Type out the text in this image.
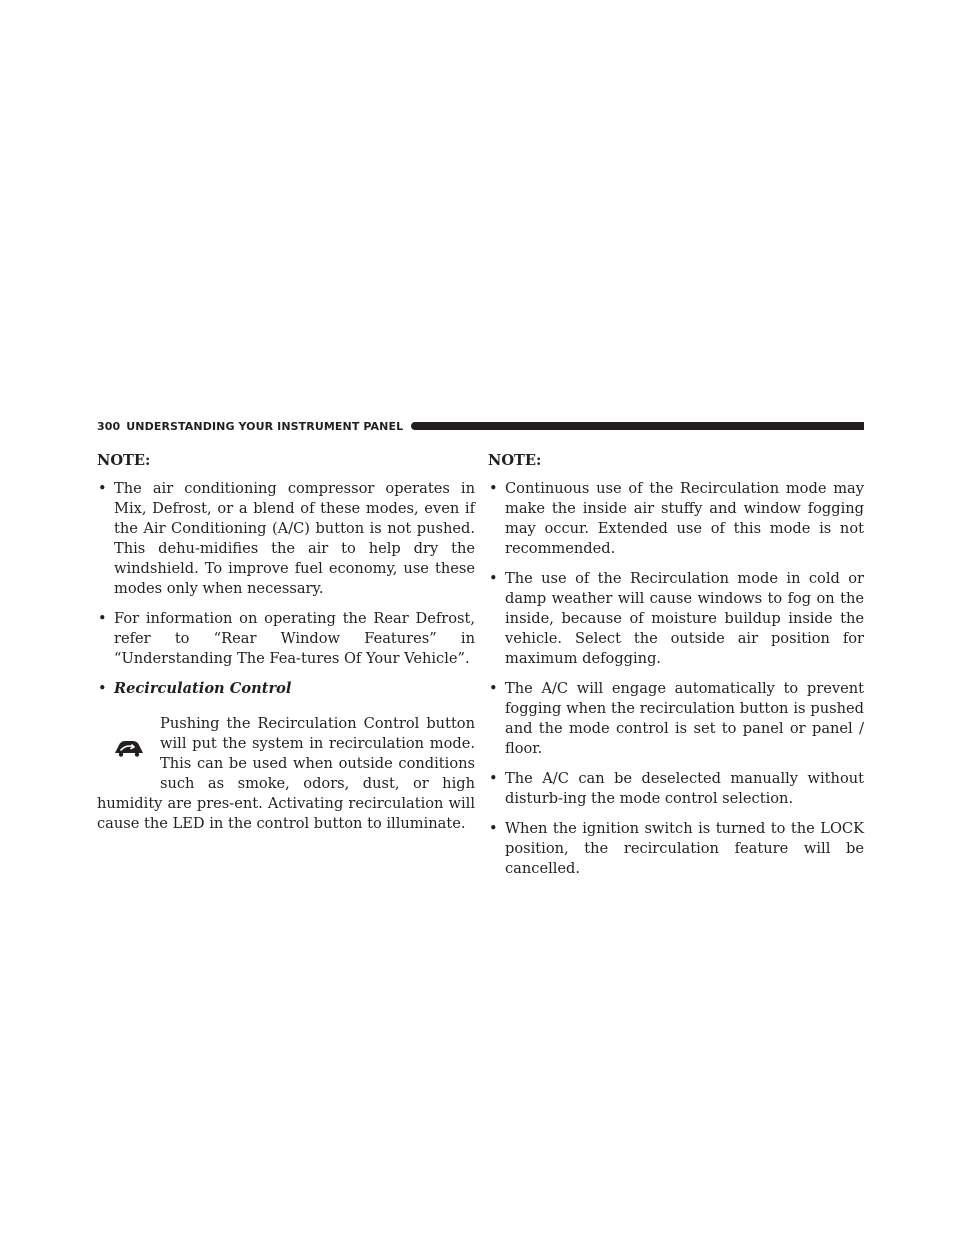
300 UNDERSTANDING YOUR INSTRUMENT PANEL

NOTE:

• The air conditioning compressor operates in Mix, Defrost, or a blend of these modes, even if the Air Conditioning (A/C) button is not pushed. This dehu-midifies the air to help dry the windshield. To improve fuel economy, use these modes only when necessary.

• For information on operating the Rear Defrost, refer to “Rear Window Features” in “Understanding The Fea-tures Of Your Vehicle”.

• Recirculation Control

Pushing the Recirculation Control button will put the system in recirculation mode. This can be used when outside conditions such as smoke, odors, dust, or high humidity are pres-ent. Activating recirculation will cause the LED in the control button to illuminate.

NOTE:

• Continuous use of the Recirculation mode may make the inside air stuffy and window fogging may occur. Extended use of this mode is not recommended.

• The use of the Recirculation mode in cold or damp weather will cause windows to fog on the inside, because of moisture buildup inside the vehicle. Select the outside air position for maximum defogging.

• The A/C will engage automatically to prevent fogging when the recirculation button is pushed and the mode control is set to panel or panel / floor.

• The A/C can be deselected manually without disturb-ing the mode control selection.

• When the ignition switch is turned to the LOCK position, the recirculation feature will be cancelled.
